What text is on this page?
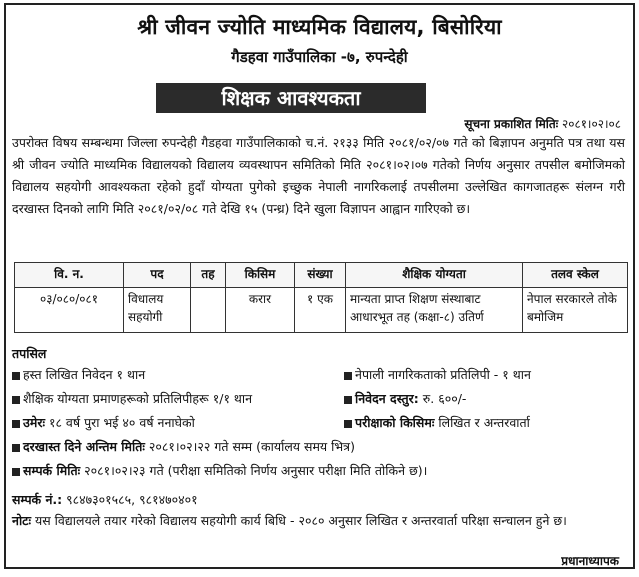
श्री जीवन ज्योति माध्यमिक विद्यालय, बिसोरिया
गैडहवा गाउँपालिका -७, रुपन्देही
शिक्षक आवश्यकता
सूचना प्रकाशित मितिः २०८१।०२।०८
उपरोक्त विषय सम्बन्धमा जिल्ला रुपन्देही गैडहवा गाउँपालिकाको च.नं. २१३३ मिति २०८१/०२/०७ गते को बिज्ञापन अनुमति पत्र तथा यस श्री जीवन ज्योति माध्यमिक विद्यालयको विद्यालय व्यवस्थापन समितिको मिति २०८१।०२।०७ गतेको निर्णय अनुसार तपसील बमोजिमको विद्यालय सहयोगी आवश्यकता रहेको हुदाँ योग्यता पुगेको इच्छुक नेपाली नागरिकलाई तपसीलमा उल्लेखित कागजातहरू संलग्न गरी दरखास्त दिनको लागि मिति २०८१/०२/०८ गते देखि १५ (पन्ध्र) दिने खुला विज्ञापन आह्वान गारिएको छ।
वि. न.	पद	तह	किसिम	संख्या	शैक्षिक योग्यता	तलव स्केल
०३/०८०/०८१	विधालय सहयोगी		करार	१ एक	मान्यता प्राप्त शिक्षण संस्थाबाट आधारभूत तह (कक्षा-८) उतिर्ण	नेपाल सरकारले तोके बमोजिम
तपसिल
हस्त लिखित निवेदन १ थान	नेपाली नागरिकताको प्रतिलिपी - १ थान
शैक्षिक योग्यता प्रमाणहरूको प्रतिलिपीहरू १/१ थान	निवेदन दस्तुर: रु. ६००/-
उमेरः १८ वर्ष पुरा भई ४० वर्ष ननाघेको	परीक्षाको किसिमः लिखित र अन्तरवार्ता
दरखास्त दिने अन्तिम मितिः २०८१।०२।२२ गते सम्म (कार्यालय समय भित्र)
सम्पर्क मितिः २०८१।०२।२३ गते (परीक्षा समितिको निर्णय अनुसार परीक्षा मिति तोकिने छ)।
सम्पर्क नं.: ९८४७३०१५८५, ९८१४७०४०१
नोटः यस विद्यालयले तयार गरेको विद्यालय सहयोगी कार्य बिधि - २०८० अनुसार लिखित र अन्तरवार्ता परिक्षा सन्चालन हुने छ।
प्रधानाध्यापक
